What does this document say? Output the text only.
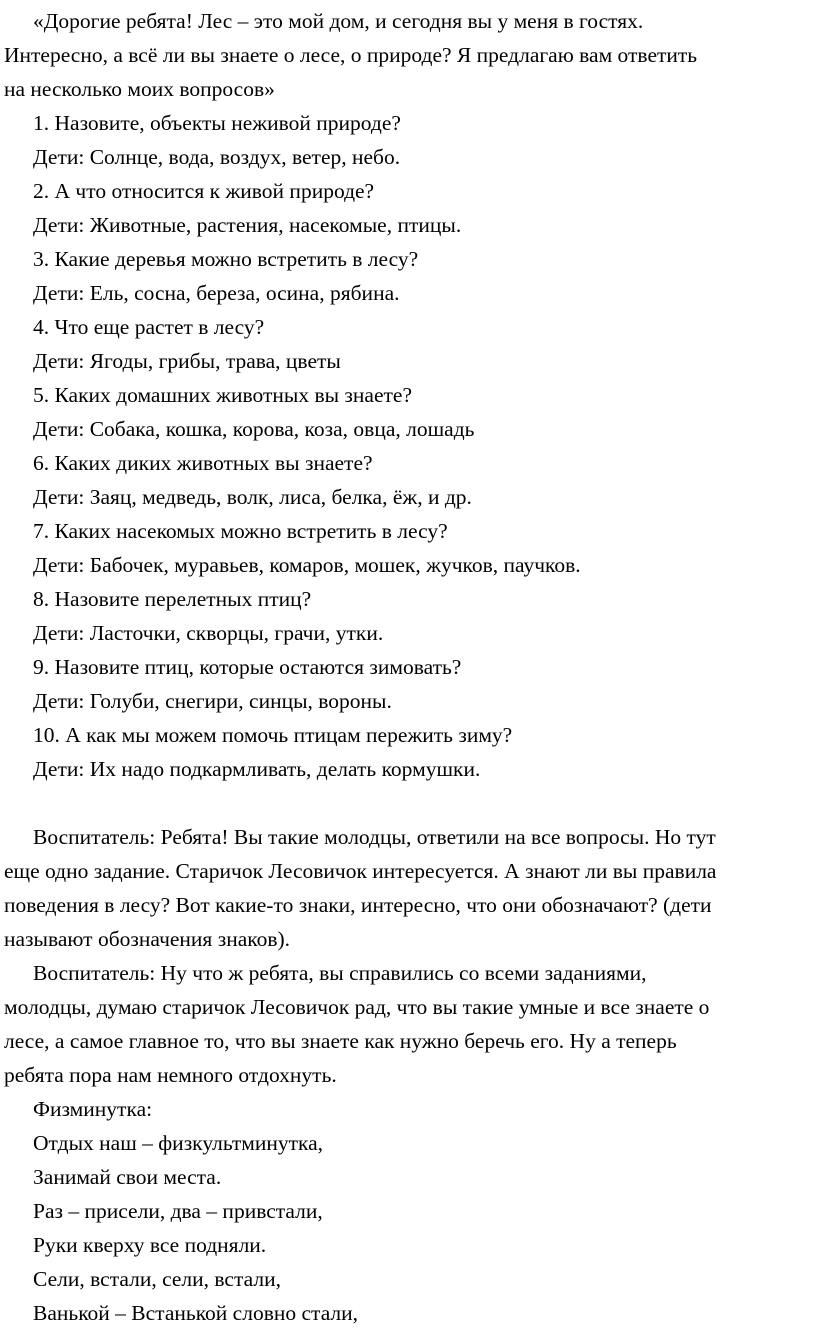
«Дорогие ребята! Лес – это мой дом, и сегодня вы у меня в гостях.
Интересно, а всё ли вы знаете о лесе, о природе? Я предлагаю вам ответить
на несколько моих вопросов»
1. Назовите, объекты неживой природе?
Дети: Солнце, вода, воздух, ветер, небо.
2. А что относится к живой природе?
Дети: Животные, растения, насекомые, птицы.
3. Какие деревья можно встретить в лесу?
Дети: Ель, сосна, береза, осина, рябина.
4. Что еще растет в лесу?
Дети: Ягоды, грибы, трава, цветы
5. Каких домашних животных вы знаете?
Дети: Собака, кошка, корова, коза, овца, лошадь
6. Каких диких животных вы знаете?
Дети: Заяц, медведь, волк, лиса, белка, ёж, и др.
7. Каких насекомых можно встретить в лесу?
Дети: Бабочек, муравьев, комаров, мошек, жучков, паучков.
8. Назовите перелетных птиц?
Дети: Ласточки, скворцы, грачи, утки.
9. Назовите птиц, которые остаются зимовать?
Дети: Голуби, снегири, синцы, вороны.
10. А как мы можем помочь птицам пережить зиму?
Дети: Их надо подкармливать, делать кормушки.
Воспитатель: Ребята! Вы такие молодцы, ответили на все вопросы. Но тут
еще одно задание. Старичок Лесовичок интересуется. А знают ли вы правила
поведения в лесу? Вот какие-то знаки, интересно, что они обозначают? (дети
называют обозначения знаков).
Воспитатель: Ну что ж ребята, вы справились со всеми заданиями,
молодцы, думаю старичок Лесовичок рад, что вы такие умные и все знаете о
лесе, а самое главное то, что вы знаете как нужно беречь его. Ну а теперь
ребята пора нам немного отдохнуть.
Физминутка:
Отдых наш – физкультминутка,
Занимай свои места.
Раз – присели, два – привстали,
Руки кверху все подняли.
Сели, встали, сели, встали,
Ванькой – Встанькой словно стали,
